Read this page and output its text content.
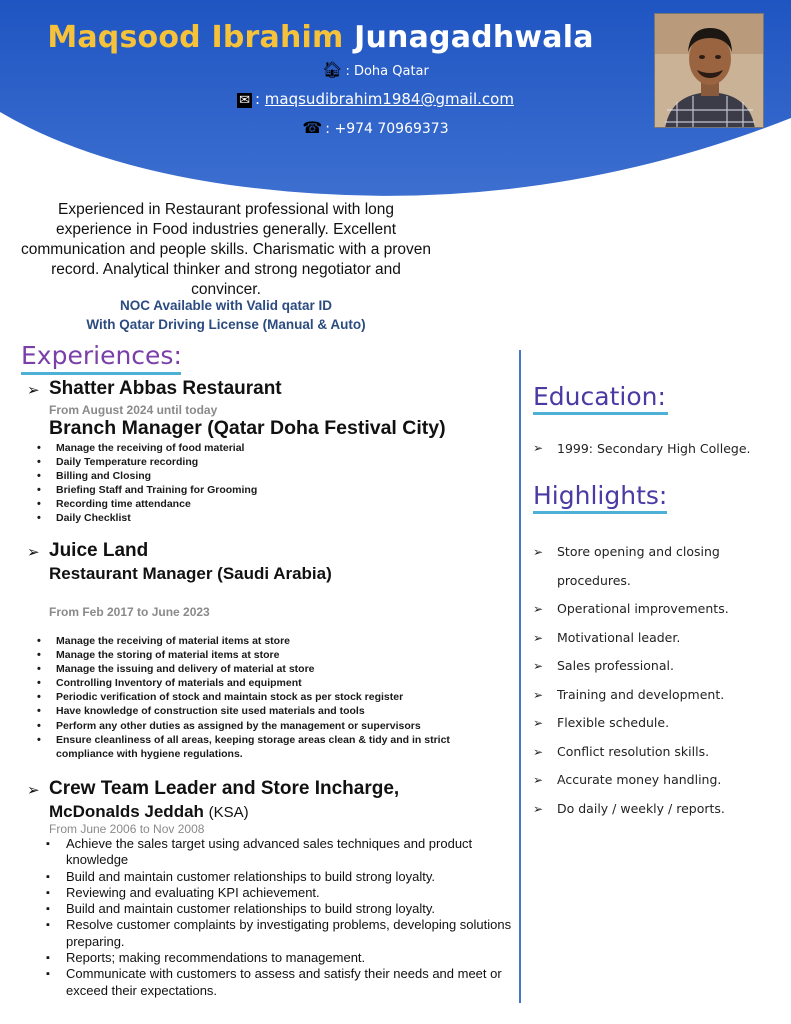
Maqsood Ibrahim Junagadhwala
🏠︎ : Doha Qatar
✉ : maqsudibrahim1984@gmail.com
☎ : +974 70969373
Experienced in Restaurant professional with long experience in Food industries generally. Excellent communication and people skills. Charismatic with a proven record. Analytical thinker and strong negotiator and convincer.
NOC Available with Valid qatar ID
With Qatar Driving License (Manual & Auto)
Experiences:
➢ Shatter Abbas Restaurant
From August 2024 until today
Branch Manager (Qatar Doha Festival City)
• Manage the receiving of food material
• Daily Temperature recording
• Billing and Closing
• Briefing Staff and Training for Grooming
• Recording time attendance
• Daily Checklist
➢ Juice Land
Restaurant Manager (Saudi Arabia)
From Feb 2017 to June 2023
• Manage the receiving of material items at store
• Manage the storing of material items at store
• Manage the issuing and delivery of material at store
• Controlling Inventory of materials and equipment
• Periodic verification of stock and maintain stock as per stock register
• Have knowledge of construction site used materials and tools
• Perform any other duties as assigned by the management or supervisors
• Ensure cleanliness of all areas, keeping storage areas clean & tidy and in strict compliance with hygiene regulations.
➢ Crew Team Leader and Store Incharge,
McDonalds Jeddah (KSA)
From June 2006 to Nov 2008
▪ Achieve the sales target using advanced sales techniques and product knowledge
▪ Build and maintain customer relationships to build strong loyalty.
▪ Reviewing and evaluating KPI achievement.
▪ Build and maintain customer relationships to build strong loyalty.
▪ Resolve customer complaints by investigating problems, developing solutions preparing.
▪ Reports; making recommendations to management.
▪ Communicate with customers to assess and satisfy their needs and meet or exceed their expectations.
Education:
➢ 1999: Secondary High College.
Highlights:
➢ Store opening and closing procedures.
➢ Operational improvements.
➢ Motivational leader.
➢ Sales professional.
➢ Training and development.
➢ Flexible schedule.
➢ Conflict resolution skills.
➢ Accurate money handling.
➢ Do daily / weekly / reports.
